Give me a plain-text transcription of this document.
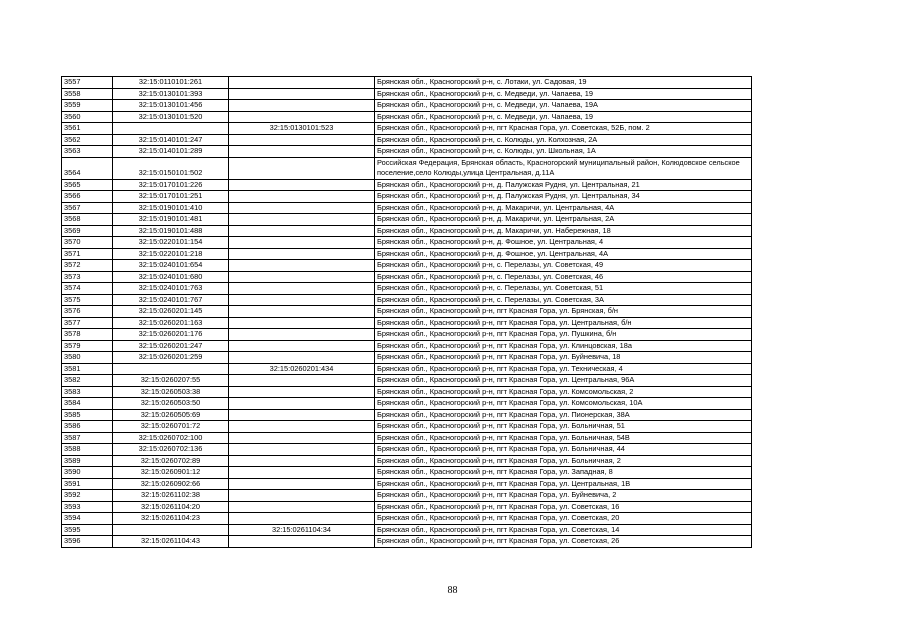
3557	32:15:0110101:261		Брянская обл., Красногорский р-н, с. Лотаки, ул. Садовая, 19
3558	32:15:0130101:393		Брянская обл., Красногорский р-н, с. Медведи, ул. Чапаева, 19
3559	32:15:0130101:456		Брянская обл., Красногорский р-н, с. Медведи, ул. Чапаева, 19А
3560	32:15:0130101:520		Брянская обл., Красногорский р-н, с. Медведи, ул. Чапаева, 19
3561		32:15:0130101:523	Брянская обл., Красногорский р-н, пгт Красная Гора, ул. Советская, 52Б, пом. 2
3562	32:15:0140101:247		Брянская обл., Красногорский р-н, с. Колюды, ул. Колхозная, 2А
3563	32:15:0140101:289		Брянская обл., Красногорский р-н, с. Колюды, ул. Школьная, 1А
3564	32:15:0150101:502		Российская Федерация, Брянская область, Красногорский муниципальный район, Колюдовское сельское поселение,село Колюды,улица Центральная, д.11А
3565	32:15:0170101:226		Брянская обл., Красногорский р-н, д. Палужская Рудня, ул. Центральная, 21
3566	32:15:0170101:251		Брянская обл., Красногорский р-н, д. Палужская Рудня, ул. Центральная, 34
3567	32:15:0190101:410		Брянская обл., Красногорский р-н, д. Макаричи, ул. Центральная, 4А
3568	32:15:0190101:481		Брянская обл., Красногорский р-н, д. Макаричи, ул. Центральная, 2А
3569	32:15:0190101:488		Брянская обл., Красногорский р-н, д. Макаричи, ул. Набережная, 18
3570	32:15:0220101:154		Брянская обл., Красногорский р-н, д. Фошное, ул. Центральная, 4
3571	32:15:0220101:218		Брянская обл., Красногорский р-н, д. Фошное, ул. Центральная, 4А
3572	32:15:0240101:654		Брянская обл., Красногорский р-н, с. Перелазы, ул. Советская, 49
3573	32:15:0240101:680		Брянская обл., Красногорский р-н, с. Перелазы, ул. Советская, 46
3574	32:15:0240101:763		Брянская обл., Красногорский р-н, с. Перелазы, ул. Советская, 51
3575	32:15:0240101:767		Брянская обл., Красногорский р-н, с. Перелазы, ул. Советская, 3А
3576	32:15:0260201:145		Брянская обл., Красногорский р-н, пгт Красная Гора, ул. Брянская, б/н
3577	32:15:0260201:163		Брянская обл., Красногорский р-н, пгт Красная Гора, ул. Центральная, б/н
3578	32:15:0260201:176		Брянская обл., Красногорский р-н, пгт Красная Гора, ул. Пушкина, б/н
3579	32:15:0260201:247		Брянская обл., Красногорский р-н, пгт Красная Гора, ул. Клинцовская, 18а
3580	32:15:0260201:259		Брянская обл., Красногорский р-н, пгт Красная Гора, ул. Буйневича, 18
3581		32:15:0260201:434	Брянская обл., Красногорский р-н, пгт Красная Гора, ул. Техническая, 4
3582	32:15:0260207:55		Брянская обл., Красногорский р-н, пгт Красная Гора, ул. Центральная, 96А
3583	32:15:0260503:38		Брянская обл., Красногорский р-н, пгт Красная Гора, ул. Комсомольская, 2
3584	32:15:0260503:50		Брянская обл., Красногорский р-н, пгт Красная Гора, ул. Комсомольская, 10А
3585	32:15:0260505:69		Брянская обл., Красногорский р-н, пгт Красная Гора, ул. Пионерская, 38А
3586	32:15:0260701:72		Брянская обл., Красногорский р-н, пгт Красная Гора, ул. Больничная, 51
3587	32:15:0260702:100		Брянская обл., Красногорский р-н, пгт Красная Гора, ул. Больничная, 54В
3588	32:15:0260702:136		Брянская обл., Красногорский р-н, пгт Красная Гора, ул. Больничная, 44
3589	32:15:0260702:89		Брянская обл., Красногорский р-н, пгт Красная Гора, ул. Больничная, 2
3590	32:15:0260901:12		Брянская обл., Красногорский р-н, пгт Красная Гора, ул. Западная, 8
3591	32:15:0260902:66		Брянская обл., Красногорский р-н, пгт Красная Гора, ул. Центральная, 1В
3592	32:15:0261102:38		Брянская обл., Красногорский р-н, пгт Красная Гора, ул. Буйневича, 2
3593	32:15:0261104:20		Брянская обл., Красногорский р-н, пгт Красная Гора, ул. Советская, 16
3594	32:15:0261104:23		Брянская обл., Красногорский р-н, пгт Красная Гора, ул. Советская, 20
3595		32:15:0261104:34	Брянская обл., Красногорский р-н, пгт Красная Гора, ул. Советская, 14
3596	32:15:0261104:43		Брянская обл., Красногорский р-н, пгт Красная Гора, ул. Советская, 26
88
